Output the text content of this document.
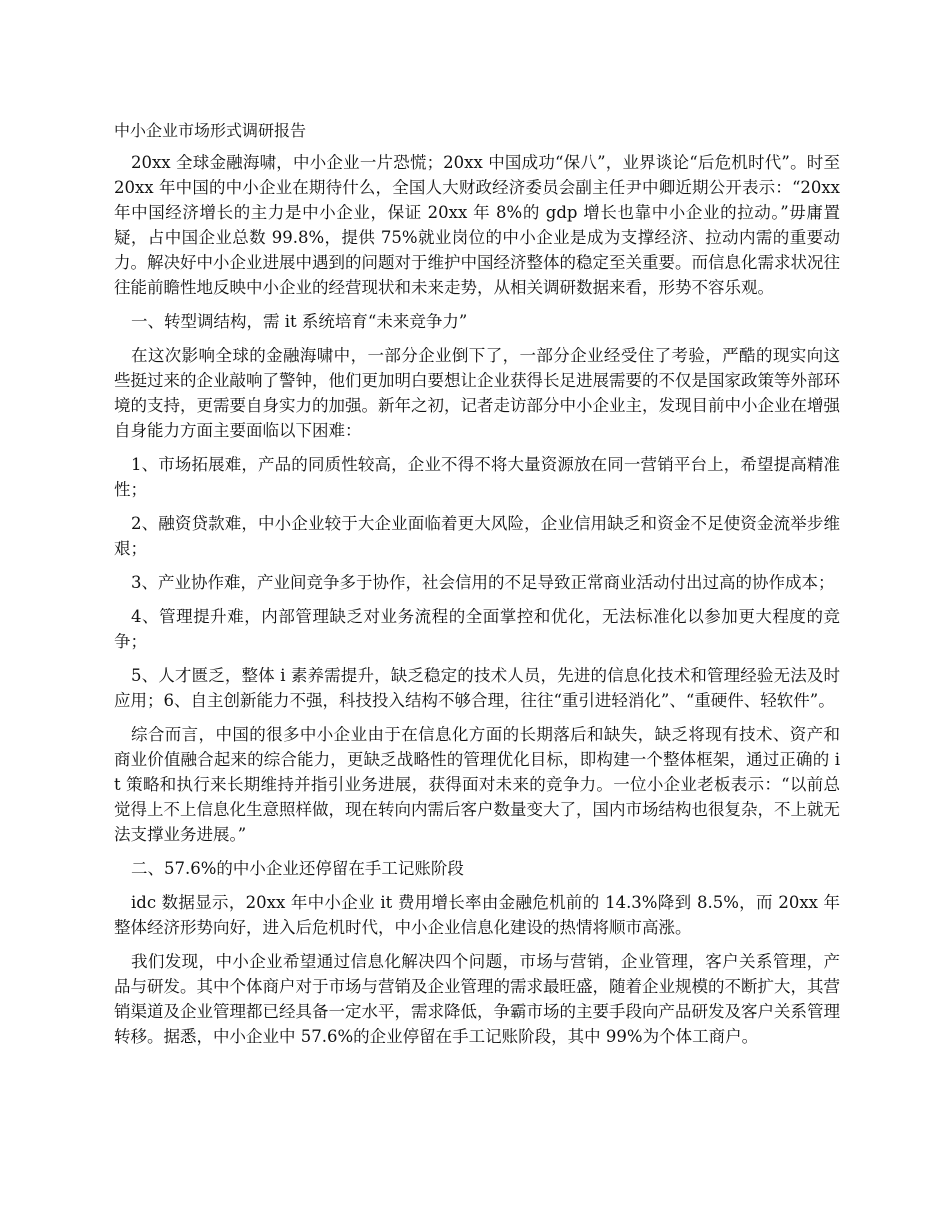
中小企业市场形式调研报告

20xx 全球金融海啸，中小企业一片恐慌；20xx 中国成功“保八”，业界谈论“后危机时代”。时至 20xx 年中国的中小企业在期待什么，全国人大财政经济委员会副主任尹中卿近期公开表示：“20xx 年中国经济增长的主力是中小企业，保证 20xx 年 8%的 gdp 增长也靠中小企业的拉动。”毋庸置疑，占中国企业总数 99.8%，提供 75%就业岗位的中小企业是成为支撑经济、拉动内需的重要动力。解决好中小企业进展中遇到的问题对于维护中国经济整体的稳定至关重要。而信息化需求状况往往能前瞻性地反映中小企业的经营现状和未来走势，从相关调研数据来看，形势不容乐观。

一、转型调结构，需 it 系统培育“未来竞争力”

在这次影响全球的金融海啸中，一部分企业倒下了，一部分企业经受住了考验，严酷的现实向这些挺过来的企业敲响了警钟，他们更加明白要想让企业获得长足进展需要的不仅是国家政策等外部环境的支持，更需要自身实力的加强。新年之初，记者走访部分中小企业主，发现目前中小企业在增强自身能力方面主要面临以下困难：

1、市场拓展难，产品的同质性较高，企业不得不将大量资源放在同一营销平台上，希望提高精准性；

2、融资贷款难，中小企业较于大企业面临着更大风险，企业信用缺乏和资金不足使资金流举步维艰；

3、产业协作难，产业间竞争多于协作，社会信用的不足导致正常商业活动付出过高的协作成本；

4、管理提升难，内部管理缺乏对业务流程的全面掌控和优化，无法标准化以参加更大程度的竞争；

5、人才匮乏，整体 i 素养需提升，缺乏稳定的技术人员，先进的信息化技术和管理经验无法及时应用；6、自主创新能力不强，科技投入结构不够合理，往往“重引进轻消化”、“重硬件、轻软件”。

综合而言，中国的很多中小企业由于在信息化方面的长期落后和缺失，缺乏将现有技术、资产和商业价值融合起来的综合能力，更缺乏战略性的管理优化目标，即构建一个整体框架，通过正确的 it 策略和执行来长期维持并指引业务进展，获得面对未来的竞争力。一位小企业老板表示：“以前总觉得上不上信息化生意照样做，现在转向内需后客户数量变大了，国内市场结构也很复杂，不上就无法支撑业务进展。”

二、57.6%的中小企业还停留在手工记账阶段

idc 数据显示，20xx 年中小企业 it 费用增长率由金融危机前的 14.3%降到 8.5%，而 20xx 年整体经济形势向好，进入后危机时代，中小企业信息化建设的热情将顺市高涨。

我们发现，中小企业希望通过信息化解决四个问题，市场与营销，企业管理，客户关系管理，产品与研发。其中个体商户对于市场与营销及企业管理的需求最旺盛，随着企业规模的不断扩大，其营销渠道及企业管理都已经具备一定水平，需求降低，争霸市场的主要手段向产品研发及客户关系管理转移。据悉，中小企业中 57.6%的企业停留在手工记账阶段，其中 99%为个体工商户。
